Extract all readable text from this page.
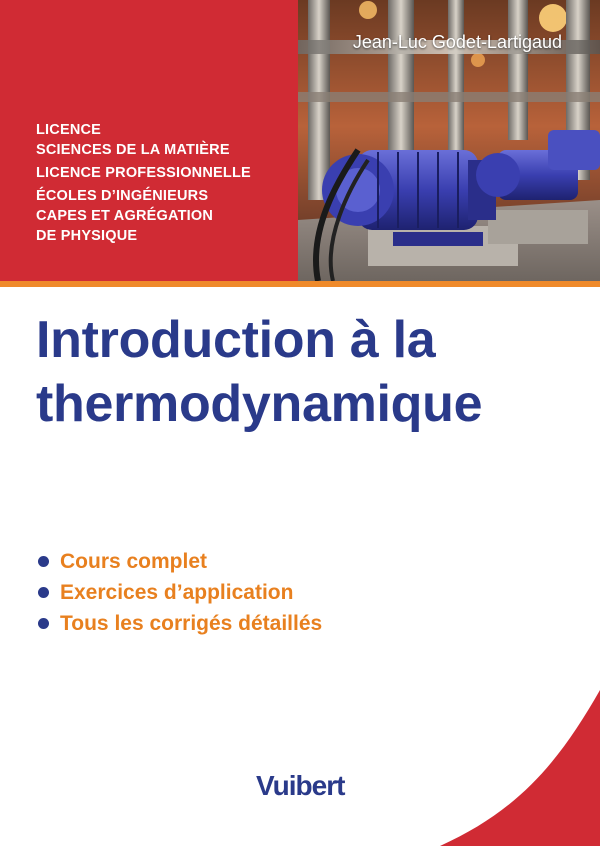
LICENCE
SCIENCES DE LA MATIÈRE
LICENCE PROFESSIONNELLE
ÉCOLES D’INGÉNIEURS
CAPES ET AGRÉGATION
DE PHYSIQUE
Jean-Luc Godet-Lartigaud
Introduction à la
thermodynamique
Cours complet
Exercices d’application
Tous les corrigés détaillés
Vuibert
